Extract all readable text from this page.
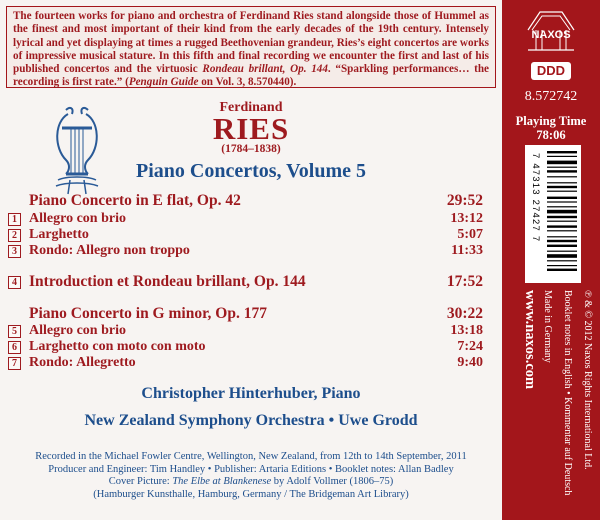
The fourteen works for piano and orchestra of Ferdinand Ries stand alongside those of Hummel as the finest and most important of their kind from the early decades of the 19th century. Intensely lyrical and yet displaying at times a rugged Beethovenian grandeur, Ries’s eight concertos are works of impressive musical stature. In this fifth and final recording we encounter the first and last of his published concertos and the virtuosic Rondeau brillant, Op. 144. “Sparkling performances… the recording is first rate.” (Penguin Guide on Vol. 3, 8.570440).

Ferdinand
RIES
(1784–1838)
Piano Concertos, Volume 5
Piano Concerto in E flat, Op. 42	29:52
1 Allegro con brio	13:12
2 Larghetto	5:07
3 Rondo: Allegro non troppo	11:33
4 Introduction et Rondeau brillant, Op. 144	17:52
Piano Concerto in G minor, Op. 177	30:22
5 Allegro con brio	13:18
6 Larghetto con moto con moto	7:24
7 Rondo: Allegretto	9:40
Christopher Hinterhuber, Piano
New Zealand Symphony Orchestra • Uwe Grodd
Recorded in the Michael Fowler Centre, Wellington, New Zealand, from 12th to 14th September, 2011
Producer and Engineer: Tim Handley • Publisher: Artaria Editions • Booklet notes: Allan Badley
Cover Picture: The Elbe at Blankenese by Adolf Vollmer (1806–75)
(Hamburger Kunsthalle, Hamburg, Germany / The Bridgeman Art Library)
NAXOS
DDD
8.572742
Playing Time
78:06
7 47313 27427 7
www.naxos.com Made in Germany Booklet notes in English • Kommentar auf Deutsch ℗ & © 2012 Naxos Rights International Ltd.
